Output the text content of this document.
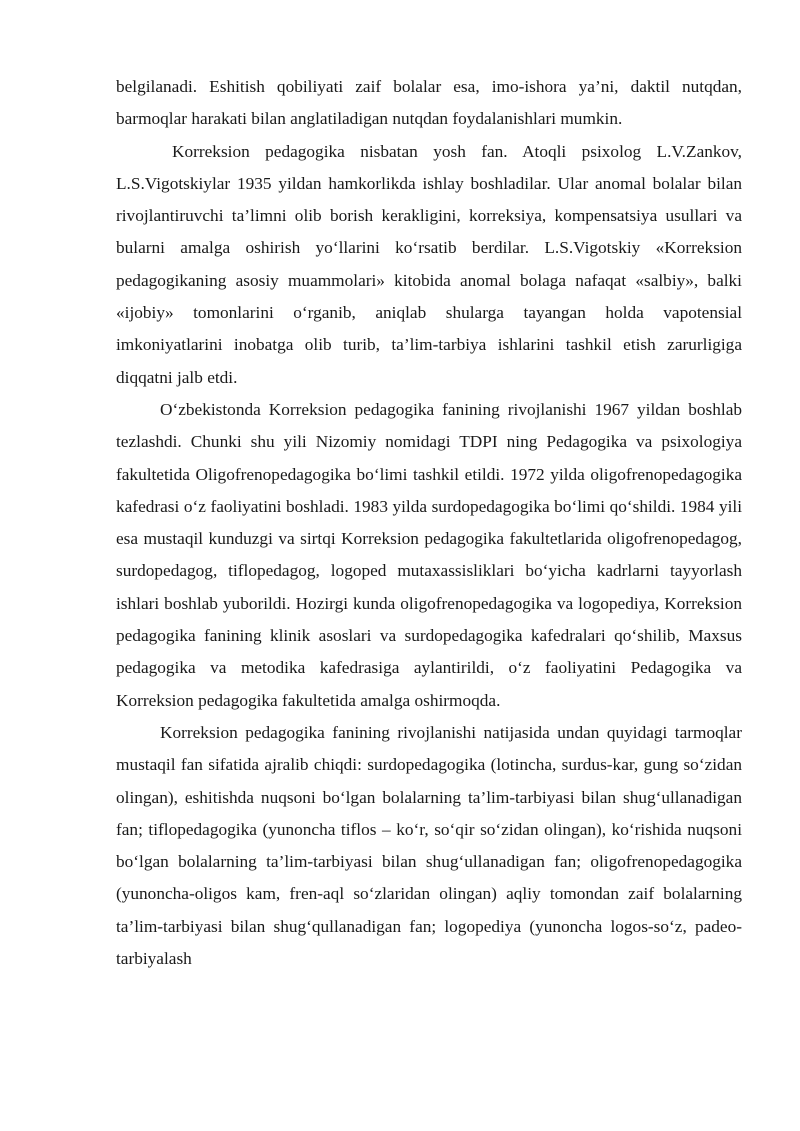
belgilanadi. Eshitish qobiliyati zaif bolalar esa, imo-ishora ya’ni, daktil nutqdan, barmoqlar harakati bilan anglatiladigan nutqdan foydalanishlari mumkin.

Korreksion pedagogika nisbatan yosh fan. Atoqli psixolog L.V.Zankov, L.S.Vigotskiylar 1935 yildan hamkorlikda ishlay boshladilar. Ular anomal bolalar bilan rivojlantiruvchi ta’limni olib borish kerakligini, korreksiya, kompensatsiya usullari va bularni amalga oshirish yo‘llarini ko‘rsatib berdilar. L.S.Vigotskiy «Korreksion pedagogikaning asosiy muammolari» kitobida anomal bolaga nafaqat «salbiy», balki «ijobiy» tomonlarini o‘rganib, aniqlab shularga tayangan holda vapotensial imkoniyatlarini inobatga olib turib, ta’lim-tarbiya ishlarini tashkil etish zarurligiga diqqatni jalb etdi.

O‘zbekistonda Korreksion pedagogika fanining rivojlanishi 1967 yildan boshlab tezlashdi. Chunki shu yili Nizomiy nomidagi TDPI ning Pedagogika va psixologiya fakultetida Oligofrenopedagogika bo‘limi tashkil etildi. 1972 yilda oligofrenopedagogika kafedrasi o‘z faoliyatini boshladi. 1983 yilda surdopedagogika bo‘limi qo‘shildi. 1984 yili esa mustaqil kunduzgi va sirtqi Korreksion pedagogika fakultetlarida oligofrenopedagog, surdopedagog, tiflopedagog, logoped mutaxassisliklari bo‘yicha kadrlarni tayyorlash ishlari boshlab yuborildi. Hozirgi kunda oligofrenopedagogika va logopediya, Korreksion pedagogika fanining klinik asoslari va surdopedagogika kafedralari qo‘shilib, Maxsus pedagogika va metodika kafedrasiga aylantirildi, o‘z faoliyatini Pedagogika va Korreksion pedagogika fakultetida amalga oshirmoqda.

Korreksion pedagogika fanining rivojlanishi natijasida undan quyidagi tarmoqlar mustaqil fan sifatida ajralib chiqdi: surdopedagogika (lotincha, surdus-kar, gung so‘zidan olingan), eshitishda nuqsoni bo‘lgan bolalarning ta’lim-tarbiyasi bilan shug‘ullanadigan fan; tiflopedagogika (yunoncha tiflos – ko‘r, so‘qir so‘zidan olingan), ko‘rishida nuqsoni bo‘lgan bolalarning ta’lim-tarbiyasi bilan shug‘ullanadigan fan; oligofrenopedagogika (yunoncha-oligos kam, fren-aql so‘zlaridan olingan) aqliy tomondan zaif bolalarning ta’lim-tarbiyasi bilan shug‘qullanadigan fan; logopediya (yunoncha logos-so‘z, padeo-tarbiyalash
